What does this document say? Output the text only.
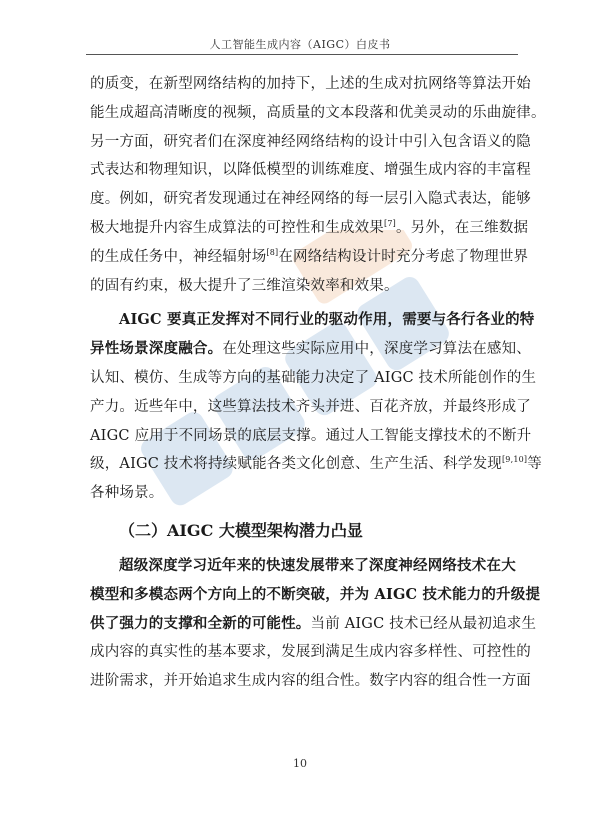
人工智能生成内容（AIGC）白皮书
的质变，在新型网络结构的加持下，上述的生成对抗网络等算法开始
能生成超高清晰度的视频，高质量的文本段落和优美灵动的乐曲旋律。
另一方面，研究者们在深度神经网络结构的设计中引入包含语义的隐
式表达和物理知识，以降低模型的训练难度、增强生成内容的丰富程
度。例如，研究者发现通过在神经网络的每一层引入隐式表达，能够
极大地提升内容生成算法的可控性和生成效果[7]。另外，在三维数据
的生成任务中，神经辐射场[8]在网络结构设计时充分考虑了物理世界
的固有约束，极大提升了三维渲染效率和效果。
AIGC 要真正发挥对不同行业的驱动作用，需要与各行各业的特
异性场景深度融合。在处理这些实际应用中，深度学习算法在感知、
认知、模仿、生成等方向的基础能力决定了 AIGC 技术所能创作的生
产力。近些年中，这些算法技术齐头并进、百花齐放，并最终形成了
AIGC 应用于不同场景的底层支撑。通过人工智能支撑技术的不断升
级，AIGC 技术将持续赋能各类文化创意、生产生活、科学发现[9,10]等
各种场景。
（二）AIGC 大模型架构潜力凸显
超级深度学习近年来的快速发展带来了深度神经网络技术在大
模型和多模态两个方向上的不断突破，并为 AIGC 技术能力的升级提
供了强力的支撑和全新的可能性。当前 AIGC 技术已经从最初追求生
成内容的真实性的基本要求，发展到满足生成内容多样性、可控性的
进阶需求，并开始追求生成内容的组合性。数字内容的组合性一方面
10
